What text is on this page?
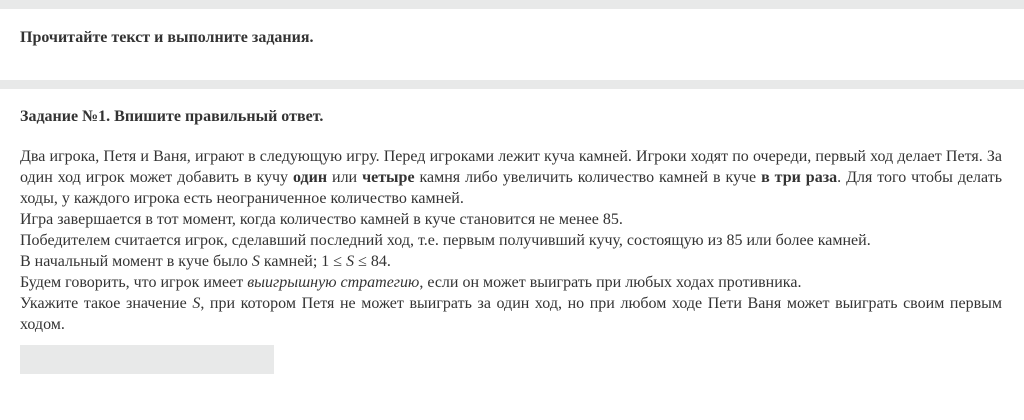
Прочитайте текст и выполните задания.

Задание №1. Впишите правильный ответ.

Два игрока, Петя и Ваня, играют в следующую игру. Перед игроками лежит куча камней. Игроки ходят по очереди, первый ход делает Петя. За один ход игрок может добавить в кучу один или четыре камня либо увеличить количество камней в куче в три раза. Для того чтобы делать ходы, у каждого игрока есть неограниченное количество камней.

Игра завершается в тот момент, когда количество камней в куче становится не менее 85.

Победителем считается игрок, сделавший последний ход, т.е. первым получивший кучу, состоящую из 85 или более камней.

В начальный момент в куче было S камней; 1 ≤ S ≤ 84.

Будем говорить, что игрок имеет выигрышную стратегию, если он может выиграть при любых ходах противника.

Укажите такое значение S, при котором Петя не может выиграть за один ход, но при любом ходе Пети Ваня может выиграть своим первым ходом.
